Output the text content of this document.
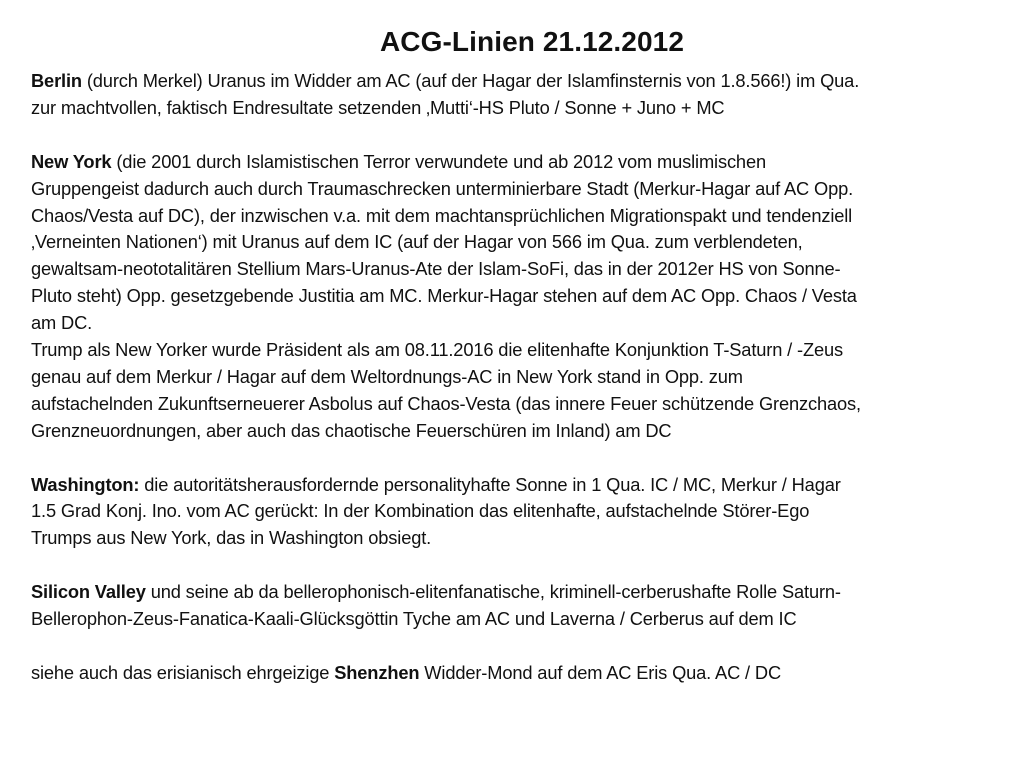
ACG-Linien 21.12.2012
Berlin (durch Merkel) Uranus im Widder am AC (auf der Hagar der Islamfinsternis von 1.8.566!) im Qua.
zur machtvollen, faktisch Endresultate setzenden ‚Mutti‘-HS Pluto / Sonne + Juno + MC
New York (die 2001 durch Islamistischen Terror verwundete und ab 2012 vom muslimischen
Gruppengeist dadurch auch durch Traumaschrecken unterminierbare Stadt (Merkur-Hagar auf AC Opp.
Chaos/Vesta auf DC), der inzwischen v.a. mit dem machtansprüchlichen Migrationspakt und tendenziell
‚Verneinten Nationen‘) mit Uranus auf dem IC (auf der Hagar von 566 im Qua. zum verblendeten,
gewaltsam-neototalitären Stellium Mars-Uranus-Ate der Islam-SoFi, das in der 2012er HS von Sonne-
Pluto steht) Opp. gesetzgebende Justitia am MC. Merkur-Hagar stehen auf dem AC Opp. Chaos / Vesta
am DC.
Trump als New Yorker wurde Präsident als am 08.11.2016 die elitenhafte Konjunktion T-Saturn / -Zeus
genau auf dem Merkur / Hagar auf dem Weltordnungs-AC in New York stand in Opp. zum
aufstachelnden Zukunftserneuerer Asbolus auf Chaos-Vesta (das innere Feuer schützende Grenzchaos,
Grenzneuordnungen, aber auch das chaotische Feuerschüren im Inland) am DC
Washington: die autoritätsherausfordernde personalityhafte Sonne in 1 Qua. IC / MC, Merkur / Hagar
1.5 Grad Konj. Ino. vom AC gerückt: In der Kombination das elitenhafte, aufstachelnde Störer-Ego
Trumps aus New York, das in Washington obsiegt.
Silicon Valley und seine ab da bellerophonisch-elitenfanatische, kriminell-cerberushafte Rolle Saturn-
Bellerophon-Zeus-Fanatica-Kaali-Glücksgöttin Tyche am AC und Laverna / Cerberus auf dem IC
siehe auch das erisianisch ehrgeizige Shenzhen Widder-Mond auf dem AC Eris Qua. AC / DC
